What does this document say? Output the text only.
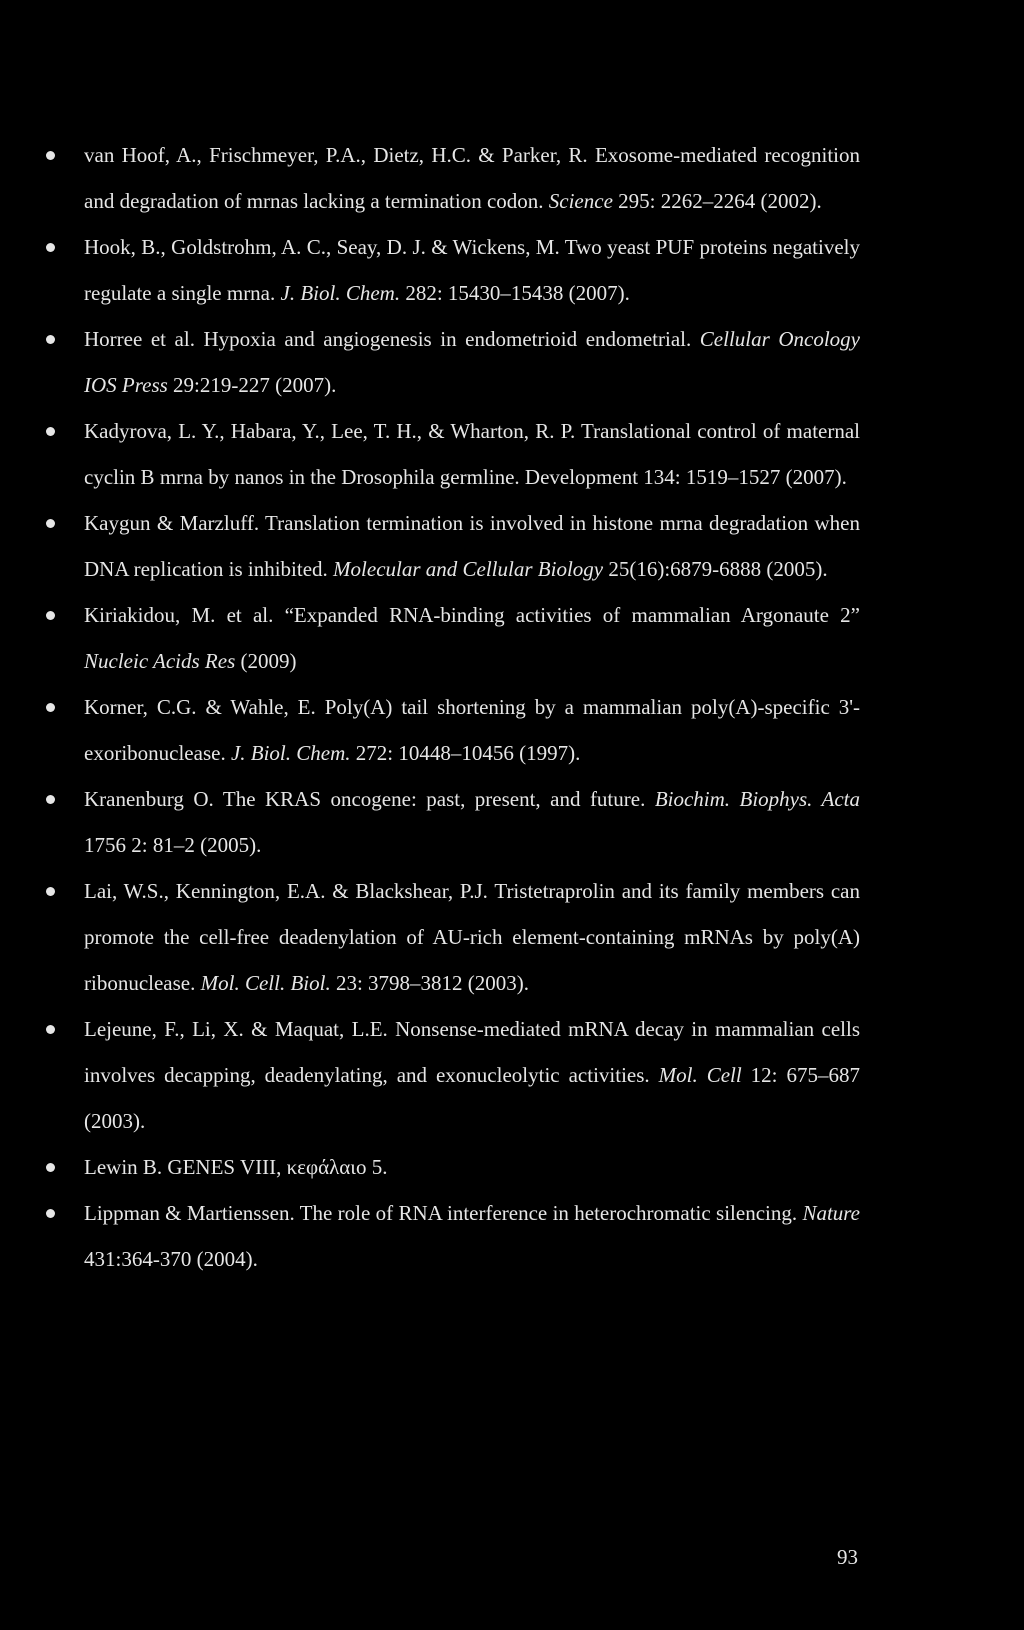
van Hoof, A., Frischmeyer, P.A., Dietz, H.C. & Parker, R. Exosome-mediated recognition and degradation of mrnas lacking a termination codon. Science 295: 2262–2264 (2002).
Hook, B., Goldstrohm, A. C., Seay, D. J. & Wickens, M. Two yeast PUF proteins negatively regulate a single mrna. J. Biol. Chem. 282: 15430–15438 (2007).
Horree et al. Hypoxia and angiogenesis in endometrioid endometrial. Cellular Oncology IOS Press 29:219-227 (2007).
Kadyrova, L. Y., Habara, Y., Lee, T. H., & Wharton, R. P. Translational control of maternal cyclin B mrna by nanos in the Drosophila germline. Development 134: 1519–1527 (2007).
Kaygun & Marzluff. Translation termination is involved in histone mrna degradation when DNA replication is inhibited. Molecular and Cellular Biology 25(16):6879-6888 (2005).
Kiriakidou, M. et al. “Expanded RNA-binding activities of mammalian Argonaute 2” Nucleic Acids Res (2009)
Korner, C.G. & Wahle, E. Poly(A) tail shortening by a mammalian poly(A)-specific 3'-exoribonuclease. J. Biol. Chem. 272: 10448–10456 (1997).
Kranenburg O. The KRAS oncogene: past, present, and future. Biochim. Biophys. Acta 1756 2: 81–2 (2005).
Lai, W.S., Kennington, E.A. & Blackshear, P.J. Tristetraprolin and its family members can promote the cell-free deadenylation of AU-rich element-containing mRNAs by poly(A) ribonuclease. Mol. Cell. Biol. 23: 3798–3812 (2003).
Lejeune, F., Li, X. & Maquat, L.E. Nonsense-mediated mRNA decay in mammalian cells involves decapping, deadenylating, and exonucleolytic activities. Mol. Cell 12: 675–687 (2003).
Lewin B. GENES VIII, κεφάλαιο 5.
Lippman & Martienssen. The role of RNA interference in heterochromatic silencing. Nature 431:364-370 (2004).
93
